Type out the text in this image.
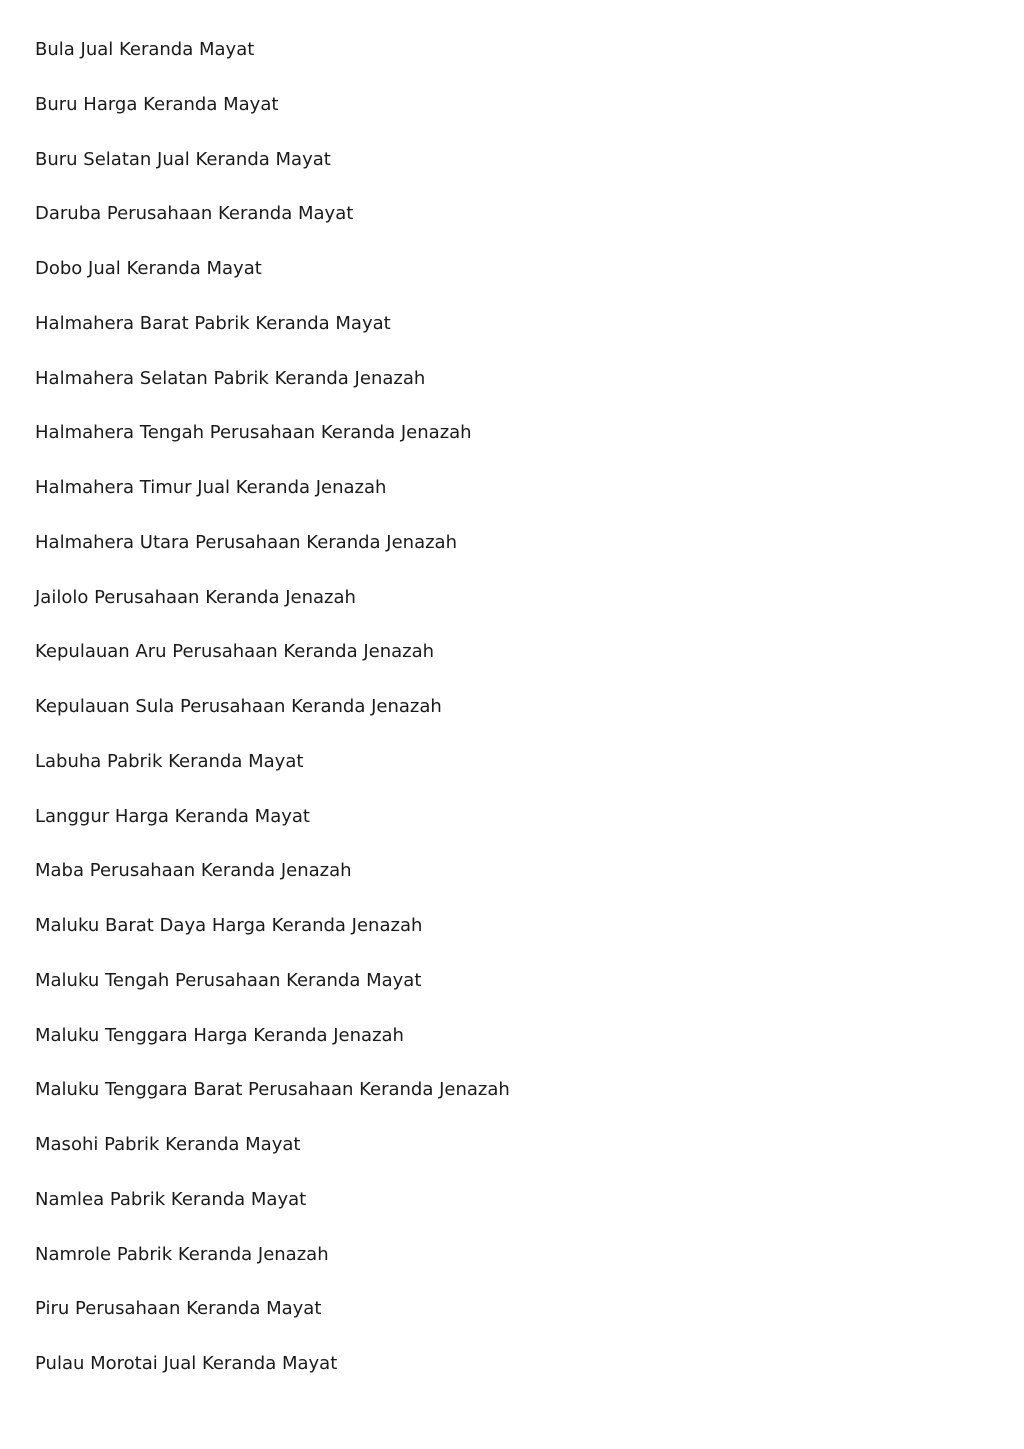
Bula Jual Keranda Mayat
Buru Harga Keranda Mayat
Buru Selatan Jual Keranda Mayat
Daruba Perusahaan Keranda Mayat
Dobo Jual Keranda Mayat
Halmahera Barat Pabrik Keranda Mayat
Halmahera Selatan Pabrik Keranda Jenazah
Halmahera Tengah Perusahaan Keranda Jenazah
Halmahera Timur Jual Keranda Jenazah
Halmahera Utara Perusahaan Keranda Jenazah
Jailolo Perusahaan Keranda Jenazah
Kepulauan Aru Perusahaan Keranda Jenazah
Kepulauan Sula Perusahaan Keranda Jenazah
Labuha Pabrik Keranda Mayat
Langgur Harga Keranda Mayat
Maba Perusahaan Keranda Jenazah
Maluku Barat Daya Harga Keranda Jenazah
Maluku Tengah Perusahaan Keranda Mayat
Maluku Tenggara Harga Keranda Jenazah
Maluku Tenggara Barat Perusahaan Keranda Jenazah
Masohi Pabrik Keranda Mayat
Namlea Pabrik Keranda Mayat
Namrole Pabrik Keranda Jenazah
Piru Perusahaan Keranda Mayat
Pulau Morotai Jual Keranda Mayat
